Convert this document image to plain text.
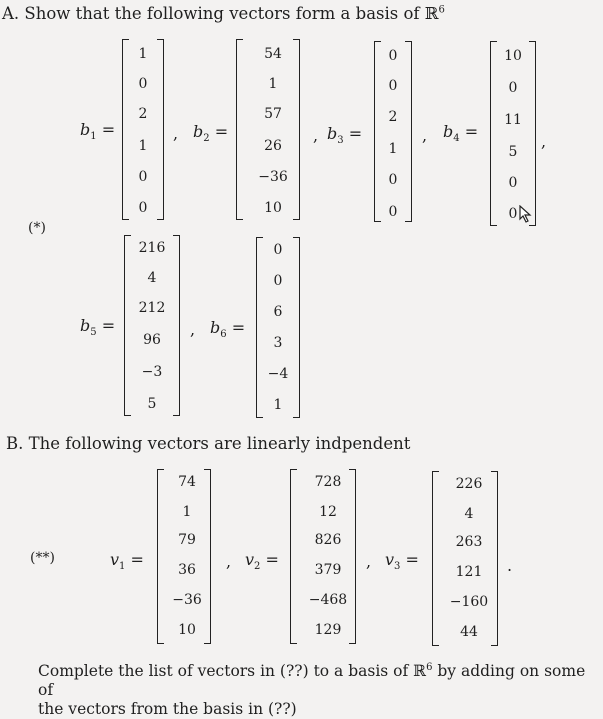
A. Show that the following vectors form a basis of ℝ$^6$
(*)
$b_1$ =
1
0
2
1
0
0
, $b_2$ =
54
1
57
26
−36
10
, $b_3$ =
0
0
2
1
0
0
, $b_4$ =
10
0
11
5
0
0
,
$b_5$ =
216
4
212
96
−3
5
, $b_6$ =
0
0
6
3
−4
1
B. The following vectors are linearly indpendent
(**)	$v_1$ =
74
1
79
36
−36
10
, $v_2$ =
728
12
826
379
−468
129
, $v_3$ =
226
4
263
121
−160
44
.
Complete the list of vectors in (??) to a basis of ℝ$^6$ by adding on some of
the vectors from the basis in (??)
